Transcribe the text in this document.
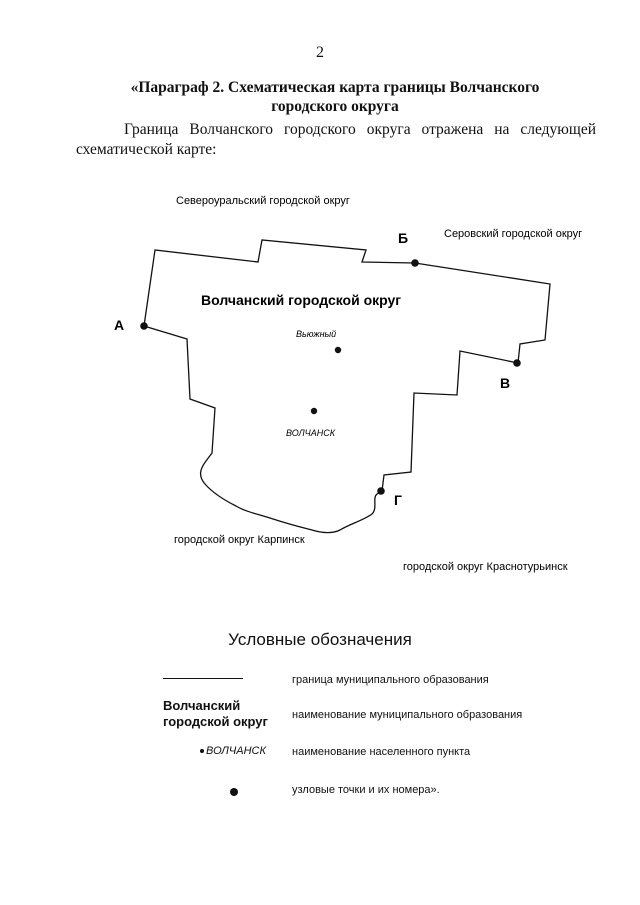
2
«Параграф 2. Схематическая карта границы Волчанского городского округа
Граница Волчанского городского округа отражена на следующей схематической карте:
Североуральский городской округ
Серовский городской округ
городской округ Карпинск
городской округ Краснотурьинск
Волчанский городской округ
Вьюжный
ВОЛЧАНСК
А
Б
В
Г
Условные обозначения
граница муниципального образования
Волчанский городской округ	наименование муниципального образования
ВОЛЧАНСК наименование населенного пункта
узловые точки и их номера».
